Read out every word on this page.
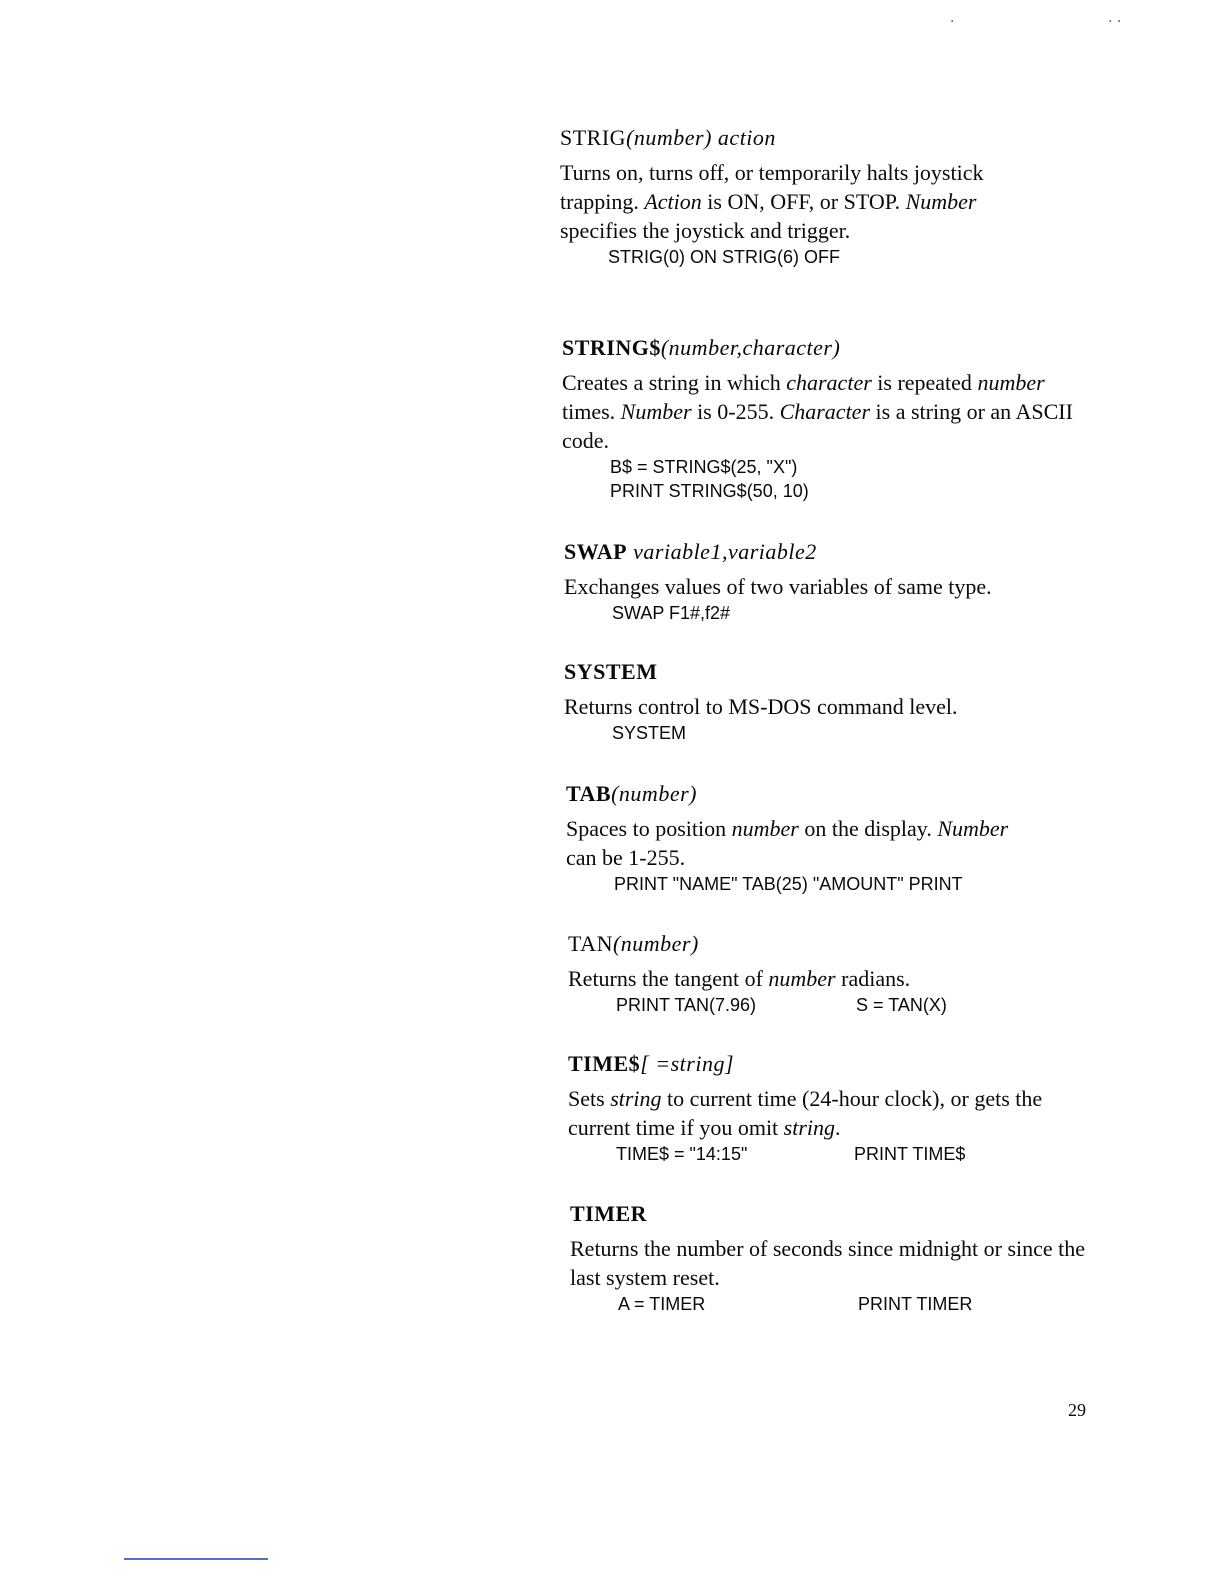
·	· ·

STRIG(number) action

Turns on, turns off, or temporarily halts joystick trapping. Action is ON, OFF, or STOP. Number specifies the joystick and trigger.

STRIG(0) ON STRIG(6) OFF

STRING$(number,character)

Creates a string in which character is repeated number times. Number is 0-255. Character is a string or an ASCII code.

B$ = STRING$(25, "X")

PRINT STRING$(50, 10)

SWAP variable1,variable2

Exchanges values of two variables of same type.

SWAP F1#,f2#

SYSTEM

Returns control to MS-DOS command level.

SYSTEM

TAB(number)

Spaces to position number on the display. Number can be 1-255.

PRINT "NAME" TAB(25) "AMOUNT" PRINT

TAN(number)

Returns the tangent of number radians.

PRINT TAN(7.96)	S = TAN(X)

TIME$[ =string]

Sets string to current time (24-hour clock), or gets the current time if you omit string.

TIME$ = "14:15"	PRINT TIME$

TIMER

Returns the number of seconds since midnight or since the last system reset.

A = TIMER	PRINT TIMER

29
